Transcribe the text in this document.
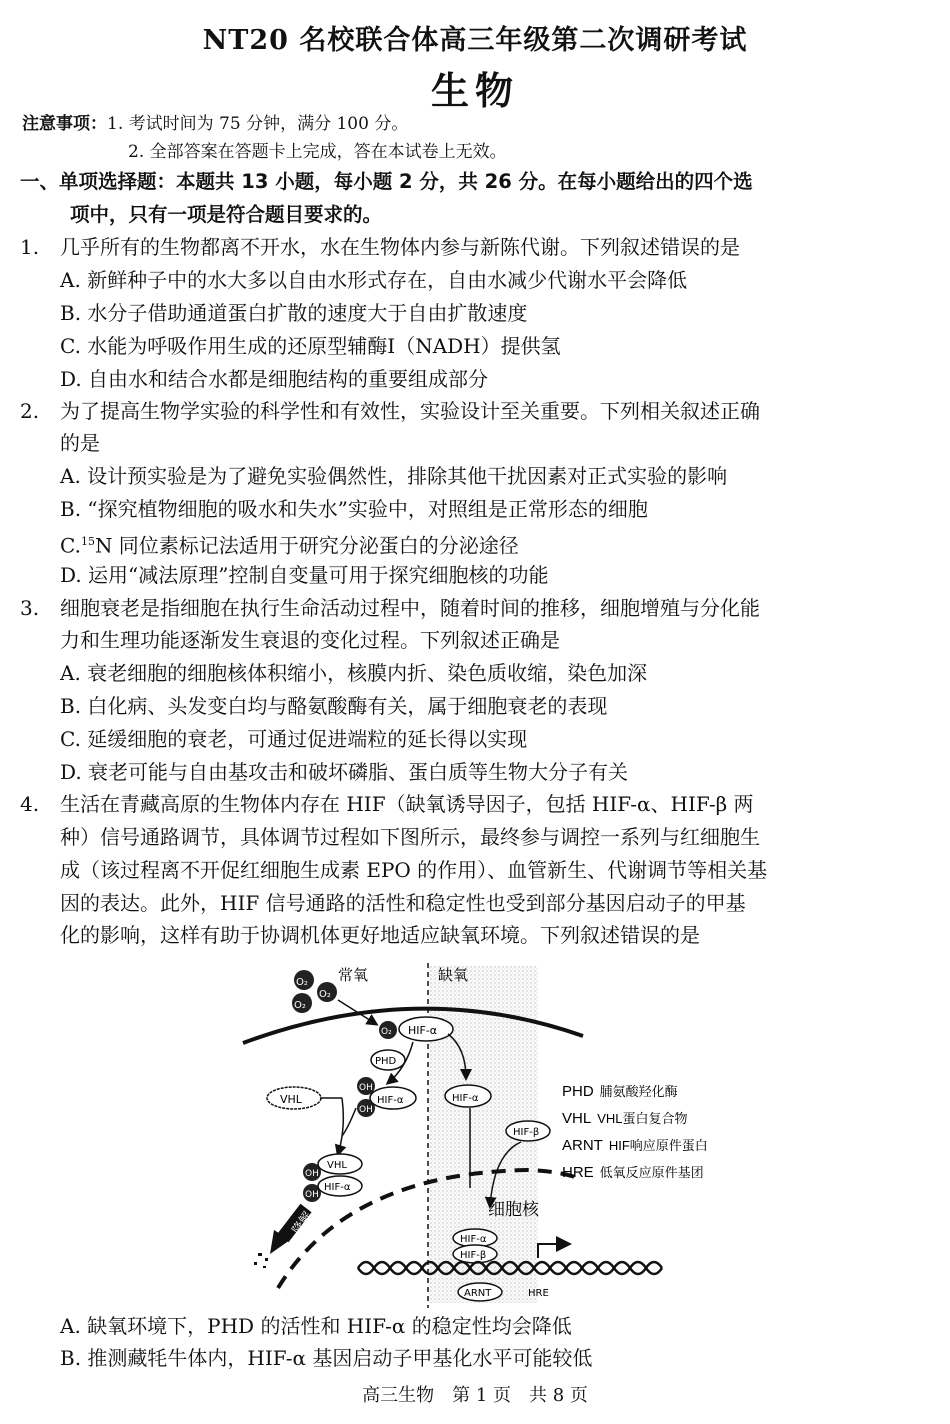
NT20 名校联合体高三年级第二次调研考试
生物
注意事项：1. 考试时间为 75 分钟，满分 100 分。
2. 全部答案在答题卡上完成，答在本试卷上无效。
一、单项选择题：本题共 13 小题，每小题 2 分，共 26 分。在每小题给出的四个选
项中，只有一项是符合题目要求的。
1. 几乎所有的生物都离不开水，水在生物体内参与新陈代谢。下列叙述错误的是
A. 新鲜种子中的水大多以自由水形式存在，自由水减少代谢水平会降低
B. 水分子借助通道蛋白扩散的速度大于自由扩散速度
C. 水能为呼吸作用生成的还原型辅酶Ⅰ（NADH）提供氢
D. 自由水和结合水都是细胞结构的重要组成部分
2. 为了提高生物学实验的科学性和有效性，实验设计至关重要。下列相关叙述正确
的是
A. 设计预实验是为了避免实验偶然性，排除其他干扰因素对正式实验的影响
B. “探究植物细胞的吸水和失水”实验中，对照组是正常形态的细胞
C.$^{15}$N 同位素标记法适用于研究分泌蛋白的分泌途径
D. 运用“减法原理”控制自变量可用于探究细胞核的功能
3. 细胞衰老是指细胞在执行生命活动过程中，随着时间的推移，细胞增殖与分化能
力和生理功能逐渐发生衰退的变化过程。下列叙述正确是
A. 衰老细胞的细胞核体积缩小，核膜内折、染色质收缩，染色加深
B. 白化病、头发变白均与酪氨酸酶有关，属于细胞衰老的表现
C. 延缓细胞的衰老，可通过促进端粒的延长得以实现
D. 衰老可能与自由基攻击和破坏磷脂、蛋白质等生物大分子有关
4. 生活在青藏高原的生物体内存在 HIF（缺氧诱导因子，包括 HIF-α、HIF-β 两
种）信号通路调节，具体调节过程如下图所示，最终参与调控一系列与红细胞生
成（该过程离不开促红细胞生成素 EPO 的作用）、血管新生、代谢调节等相关基
因的表达。此外，HIF 信号通路的活性和稳定性也受到部分基因启动子的甲基
化的影响，这样有助于协调机体更好地适应缺氧环境。下列叙述错误的是
常氧	缺氧
O₂
O₂
O₂
O₂ HIF-α
PHD
OH
OH
HIF-α
VHL
OH
OH
VHL
HIF-α
降解
HIF-α
HIF-β
细胞核
HIF-α
HIF-β
ARNT	HRE
PHD 脯氨酸羟化酶
VHL VHL蛋白复合物
ARNT HIF响应原件蛋白
HRE 低氧反应原件基团
A. 缺氧环境下，PHD 的活性和 HIF-α 的稳定性均会降低
B. 推测藏牦牛体内，HIF-α 基因启动子甲基化水平可能较低
高三生物　第 1 页　共 8 页
